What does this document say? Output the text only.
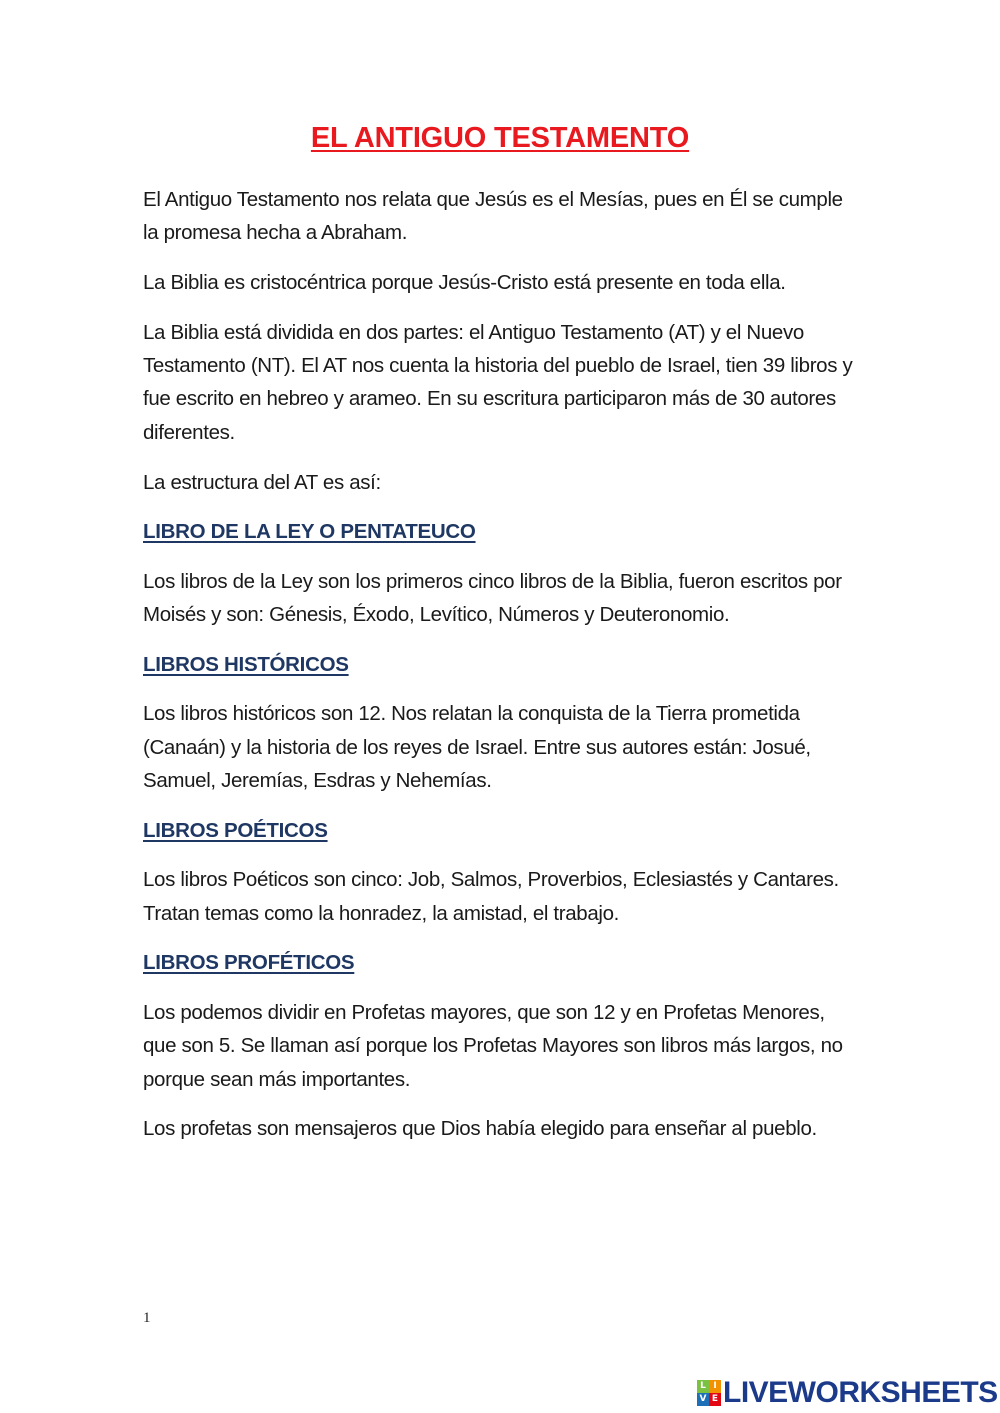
EL ANTIGUO TESTAMENTO

El Antiguo Testamento nos relata que Jesús es el Mesías, pues en Él se cumple la promesa hecha a Abraham.

La Biblia es cristocéntrica porque Jesús-Cristo está presente en toda ella.

La Biblia está dividida en dos partes: el Antiguo Testamento (AT) y el Nuevo Testamento (NT). El AT nos cuenta la historia del pueblo de Israel, tien 39 libros y fue escrito en hebreo y arameo. En su escritura participaron más de 30 autores diferentes.

La estructura del AT es así:

LIBRO DE LA LEY O PENTATEUCO

Los libros de la Ley son los primeros cinco libros de la Biblia, fueron escritos por Moisés y son: Génesis, Éxodo, Levítico, Números y Deuteronomio.

LIBROS HISTÓRICOS

Los libros históricos son 12. Nos relatan la conquista de la Tierra prometida (Canaán) y la historia de los reyes de Israel. Entre sus autores están: Josué, Samuel, Jeremías, Esdras y Nehemías.

LIBROS POÉTICOS

Los libros Poéticos son cinco: Job, Salmos, Proverbios, Eclesiastés y Cantares. Tratan temas como la honradez, la amistad, el trabajo.

LIBROS PROFÉTICOS

Los podemos dividir en Profetas mayores, que son 12 y en Profetas Menores, que son 5. Se llaman así porque los Profetas Mayores son libros más largos, no porque sean más importantes.

Los profetas son mensajeros que Dios había elegido para enseñar al pueblo.

1
L I
V E LIVEWORKSHEETS
